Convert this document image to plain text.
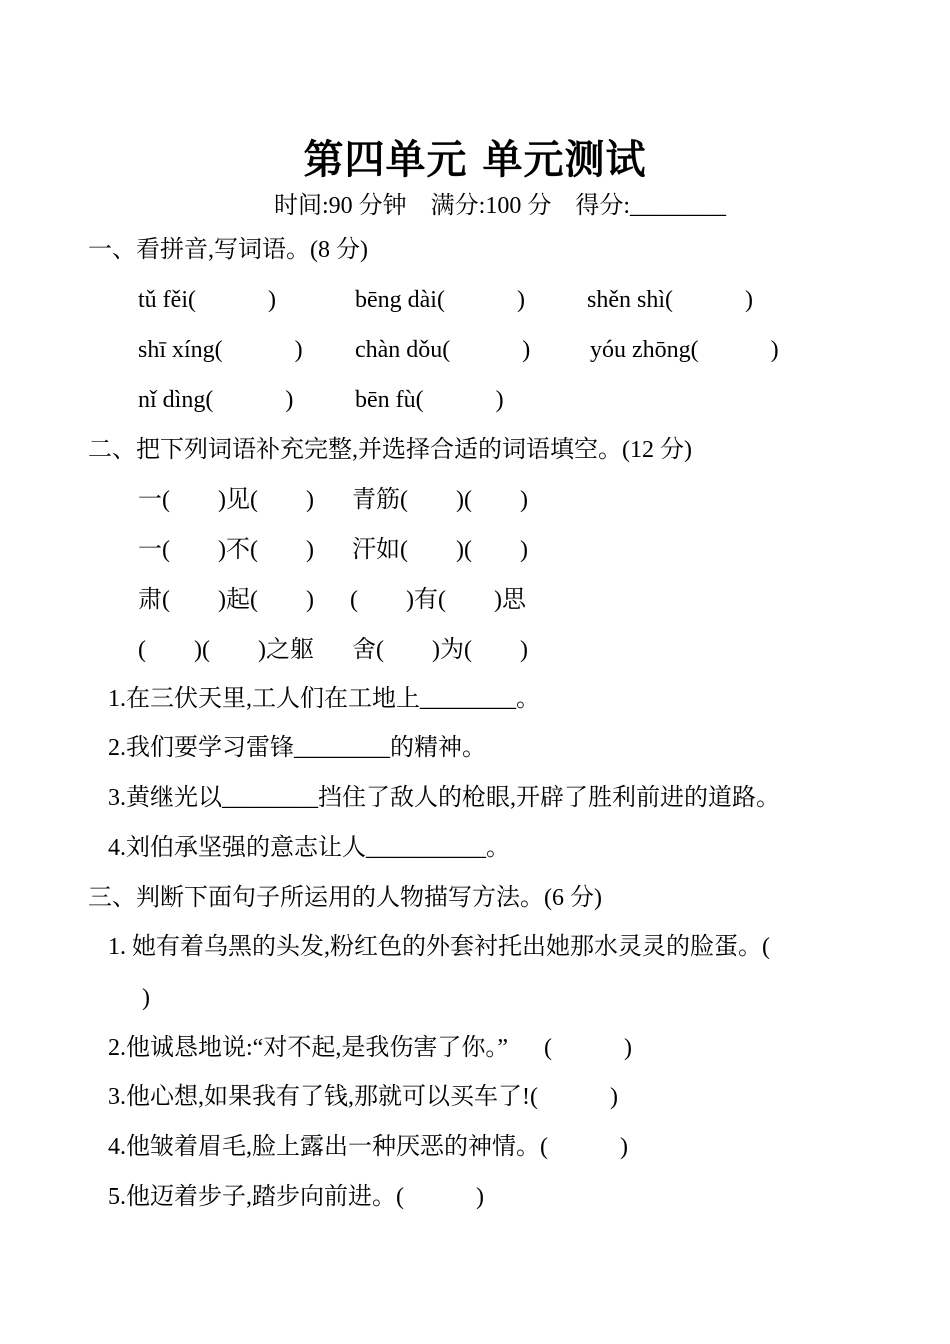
第四单元 单元测试
时间:90 分钟    满分:100 分    得分:________
一、看拼音,写词语。(8 分)
tǔ fěi(            )	bēng dài(            )	shěn shì(            )
shī xíng(            ) chàn dǒu(            ) yóu zhōng(            )
nǐ dìng(            )	bēn fù(            )
二、把下列词语补充完整,并选择合适的词语填空。(12 分)
一(        )见(        ) 青筋(        )(        )
一(        )不(        ) 汗如(        )(        )
肃(        )起(        ) (        )有(        )思
(        )(        )之躯 舍(        )为(        )
1.在三伏天里,工人们在工地上________。
2.我们要学习雷锋________的精神。
3.黄继光以________挡住了敌人的枪眼,开辟了胜利前进的道路。
4.刘伯承坚强的意志让人__________。
三、判断下面句子所运用的人物描写方法。(6 分)
1. 她有着乌黑的头发,粉红色的外套衬托出她那水灵灵的脸蛋。(
)
2.他诚恳地说:“对不起,是我伤害了你。”      (            )
3.他心想,如果我有了钱,那就可以买车了!(            )
4.他皱着眉毛,脸上露出一种厌恶的神情。(            )
5.他迈着步子,踏步向前进。(            )
